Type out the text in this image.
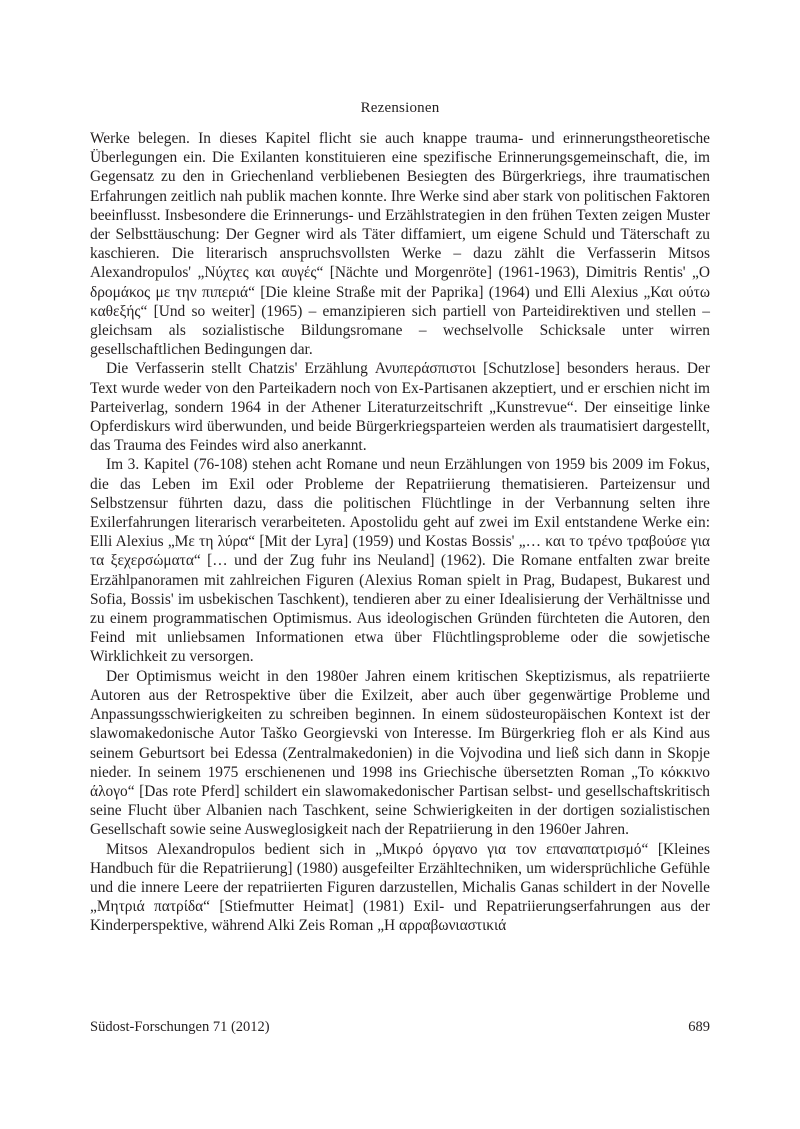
Rezensionen

Werke belegen. In dieses Kapitel flicht sie auch knappe trauma- und erinnerungstheoretische Überlegungen ein. Die Exilanten konstituieren eine spezifische Erinnerungsgemeinschaft, die, im Gegensatz zu den in Griechenland verbliebenen Besiegten des Bürgerkriegs, ihre traumatischen Erfahrungen zeitlich nah publik machen konnte. Ihre Werke sind aber stark von politischen Faktoren beeinflusst. Insbesondere die Erinnerungs- und Erzählstrategien in den frühen Texten zeigen Muster der Selbsttäuschung: Der Gegner wird als Täter diffamiert, um eigene Schuld und Täterschaft zu kaschieren. Die literarisch anspruchsvollsten Werke – dazu zählt die Verfasserin Mitsos Alexandropulos' „Νύχτες και αυγές“ [Nächte und Morgenröte] (1961-1963), Dimitris Rentis' „Ο δρομάκος με την πιπεριά“ [Die kleine Straße mit der Paprika] (1964) und Elli Alexius „Και ούτω καθεξής“ [Und so weiter] (1965) – emanzipieren sich partiell von Parteidirektiven und stellen – gleichsam als sozialistische Bildungsromane – wechselvolle Schicksale unter wirren gesellschaftlichen Bedingungen dar.

Die Verfasserin stellt Chatzis' Erzählung Ανυπεράσπιστοι [Schutzlose] besonders heraus. Der Text wurde weder von den Parteikadern noch von Ex-Partisanen akzeptiert, und er erschien nicht im Parteiverlag, sondern 1964 in der Athener Literaturzeitschrift „Kunstrevue“. Der einseitige linke Opferdiskurs wird überwunden, und beide Bürgerkriegsparteien werden als traumatisiert dargestellt, das Trauma des Feindes wird also anerkannt.

Im 3. Kapitel (76-108) stehen acht Romane und neun Erzählungen von 1959 bis 2009 im Fokus, die das Leben im Exil oder Probleme der Repatriierung thematisieren. Parteizensur und Selbstzensur führten dazu, dass die politischen Flüchtlinge in der Verbannung selten ihre Exilerfahrungen literarisch verarbeiteten. Apostolidu geht auf zwei im Exil entstandene Werke ein: Elli Alexius „Με τη λύρα“ [Mit der Lyra] (1959) und Kostas Bossis' „… και το τρένο τραβούσε για τα ξεχερσώματα“ [… und der Zug fuhr ins Neuland] (1962). Die Romane entfalten zwar breite Erzählpanoramen mit zahlreichen Figuren (Alexius Roman spielt in Prag, Budapest, Bukarest und Sofia, Bossis' im usbekischen Taschkent), tendieren aber zu einer Idealisierung der Verhältnisse und zu einem programmatischen Optimismus. Aus ideologischen Gründen fürchteten die Autoren, den Feind mit unliebsamen Informationen etwa über Flüchtlingsprobleme oder die sowjetische Wirklichkeit zu versorgen.

Der Optimismus weicht in den 1980er Jahren einem kritischen Skeptizismus, als repatriierte Autoren aus der Retrospektive über die Exilzeit, aber auch über gegenwärtige Probleme und Anpassungsschwierigkeiten zu schreiben beginnen. In einem südosteuropäischen Kontext ist der slawomakedonische Autor Taško Georgievski von Interesse. Im Bürgerkrieg floh er als Kind aus seinem Geburtsort bei Edessa (Zentralmakedonien) in die Vojvodina und ließ sich dann in Skopje nieder. In seinem 1975 erschienenen und 1998 ins Griechische übersetzten Roman „Το κόκκινο άλογο“ [Das rote Pferd] schildert ein slawomakedonischer Partisan selbst- und gesellschaftskritisch seine Flucht über Albanien nach Taschkent, seine Schwierigkeiten in der dortigen sozialistischen Gesellschaft sowie seine Ausweglosigkeit nach der Repatriierung in den 1960er Jahren.

Mitsos Alexandropulos bedient sich in „Μικρό όργανο για τον επαναπατρισμό“ [Kleines Handbuch für die Repatriierung] (1980) ausgefeilter Erzähltechniken, um widersprüchliche Gefühle und die innere Leere der repatriierten Figuren darzustellen, Michalis Ganas schildert in der Novelle „Μητριά πατρίδα“ [Stiefmutter Heimat] (1981) Exil- und Repatriierungserfahrungen aus der Kinderperspektive, während Alki Zeis Roman „Η αρραβωνιαστικιά

Südost-Forschungen 71 (2012)	689
